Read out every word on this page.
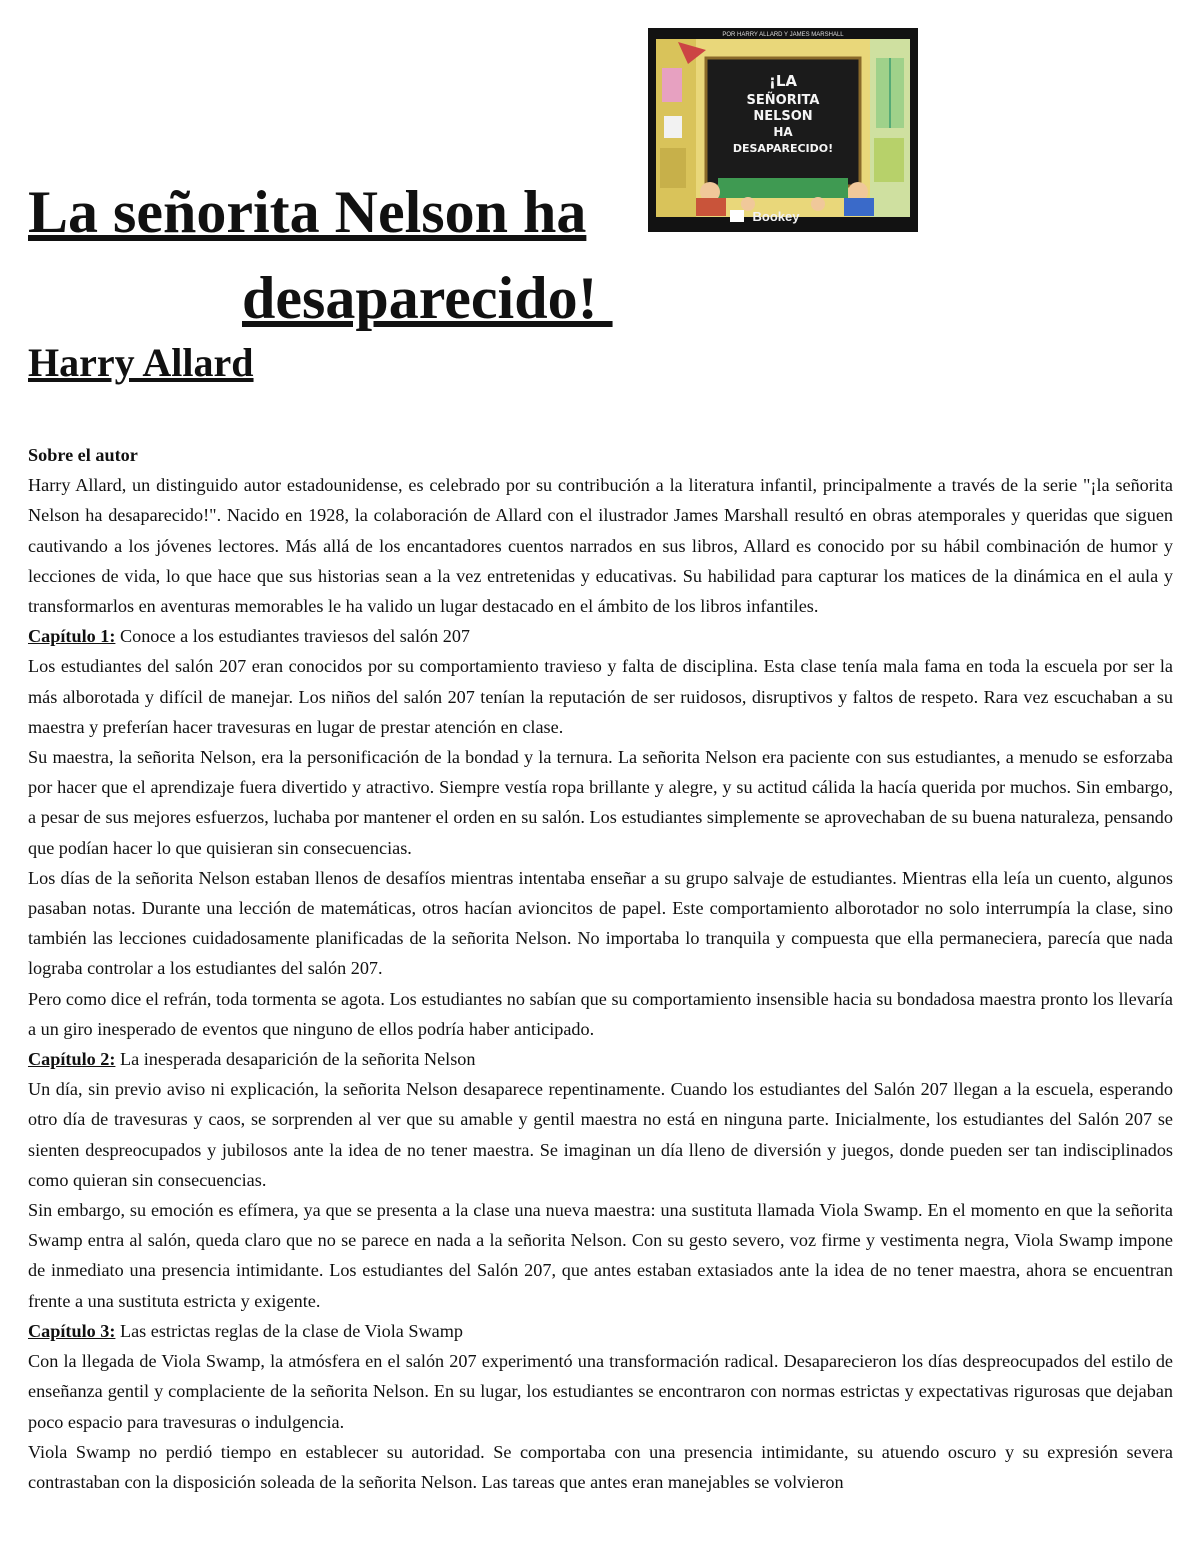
POR HARRY ALLARD Y JAMES MARSHALL
¡LA
SEÑORITA
NELSON
HA
DESAPARECIDO!
Bookey
La señorita Nelson ha
desaparecido!
Harry Allard

Sobre el autor

Harry Allard, un distinguido autor estadounidense, es celebrado por su contribución a la literatura infantil, principalmente a través de la serie "¡la señorita Nelson ha desaparecido!". Nacido en 1928, la colaboración de Allard con el ilustrador James Marshall resultó en obras atemporales y queridas que siguen cautivando a los jóvenes lectores. Más allá de los encantadores cuentos narrados en sus libros, Allard es conocido por su hábil combinación de humor y lecciones de vida, lo que hace que sus historias sean a la vez entretenidas y educativas. Su habilidad para capturar los matices de la dinámica en el aula y transformarlos en aventuras memorables le ha valido un lugar destacado en el ámbito de los libros infantiles.

Capítulo 1: Conoce a los estudiantes traviesos del salón 207

Los estudiantes del salón 207 eran conocidos por su comportamiento travieso y falta de disciplina. Esta clase tenía mala fama en toda la escuela por ser la más alborotada y difícil de manejar. Los niños del salón 207 tenían la reputación de ser ruidosos, disruptivos y faltos de respeto. Rara vez escuchaban a su maestra y preferían hacer travesuras en lugar de prestar atención en clase.

Su maestra, la señorita Nelson, era la personificación de la bondad y la ternura. La señorita Nelson era paciente con sus estudiantes, a menudo se esforzaba por hacer que el aprendizaje fuera divertido y atractivo. Siempre vestía ropa brillante y alegre, y su actitud cálida la hacía querida por muchos. Sin embargo, a pesar de sus mejores esfuerzos, luchaba por mantener el orden en su salón. Los estudiantes simplemente se aprovechaban de su buena naturaleza, pensando que podían hacer lo que quisieran sin consecuencias.

Los días de la señorita Nelson estaban llenos de desafíos mientras intentaba enseñar a su grupo salvaje de estudiantes. Mientras ella leía un cuento, algunos pasaban notas. Durante una lección de matemáticas, otros hacían avioncitos de papel. Este comportamiento alborotador no solo interrumpía la clase, sino también las lecciones cuidadosamente planificadas de la señorita Nelson. No importaba lo tranquila y compuesta que ella permaneciera, parecía que nada lograba controlar a los estudiantes del salón 207.

Pero como dice el refrán, toda tormenta se agota. Los estudiantes no sabían que su comportamiento insensible hacia su bondadosa maestra pronto los llevaría a un giro inesperado de eventos que ninguno de ellos podría haber anticipado.

Capítulo 2: La inesperada desaparición de la señorita Nelson

Un día, sin previo aviso ni explicación, la señorita Nelson desaparece repentinamente. Cuando los estudiantes del Salón 207 llegan a la escuela, esperando otro día de travesuras y caos, se sorprenden al ver que su amable y gentil maestra no está en ninguna parte. Inicialmente, los estudiantes del Salón 207 se sienten despreocupados y jubilosos ante la idea de no tener maestra. Se imaginan un día lleno de diversión y juegos, donde pueden ser tan indisciplinados como quieran sin consecuencias.

Sin embargo, su emoción es efímera, ya que se presenta a la clase una nueva maestra: una sustituta llamada Viola Swamp. En el momento en que la señorita Swamp entra al salón, queda claro que no se parece en nada a la señorita Nelson. Con su gesto severo, voz firme y vestimenta negra, Viola Swamp impone de inmediato una presencia intimidante. Los estudiantes del Salón 207, que antes estaban extasiados ante la idea de no tener maestra, ahora se encuentran frente a una sustituta estricta y exigente.

Capítulo 3: Las estrictas reglas de la clase de Viola Swamp

Con la llegada de Viola Swamp, la atmósfera en el salón 207 experimentó una transformación radical. Desaparecieron los días despreocupados del estilo de enseñanza gentil y complaciente de la señorita Nelson. En su lugar, los estudiantes se encontraron con normas estrictas y expectativas rigurosas que dejaban poco espacio para travesuras o indulgencia.

Viola Swamp no perdió tiempo en establecer su autoridad. Se comportaba con una presencia intimidante, su atuendo oscuro y su expresión severa contrastaban con la disposición soleada de la señorita Nelson. Las tareas que antes eran manejables se volvieron
